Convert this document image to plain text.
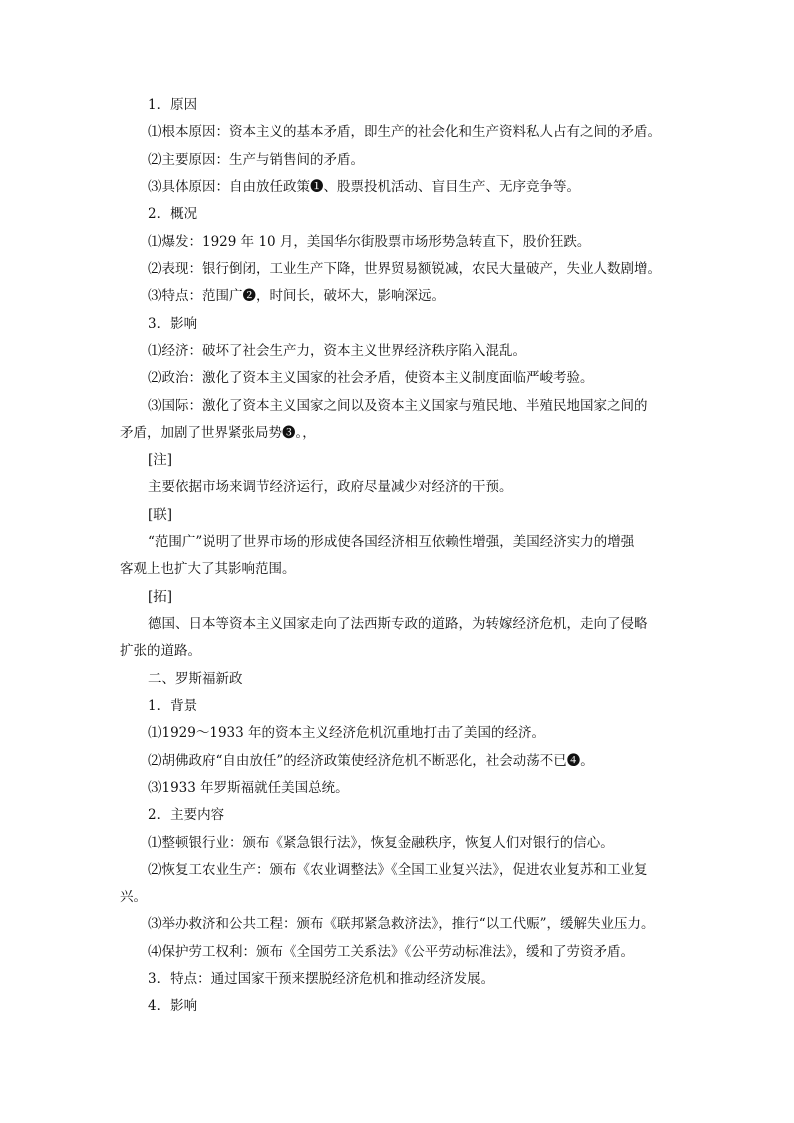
1．原因
⑴根本原因：资本主义的基本矛盾，即生产的社会化和生产资料私人占有之间的矛盾。
⑵主要原因：生产与销售间的矛盾。
⑶具体原因：自由放任政策❶、股票投机活动、盲目生产、无序竞争等。
2．概况
⑴爆发：1929 年 10 月，美国华尔街股票市场形势急转直下，股价狂跌。
⑵表现：银行倒闭，工业生产下降，世界贸易额锐减，农民大量破产，失业人数剧增。
⑶特点：范围广❷，时间长，破坏大，影响深远。
3．影响
⑴经济：破坏了社会生产力，资本主义世界经济秩序陷入混乱。
⑵政治：激化了资本主义国家的社会矛盾，使资本主义制度面临严峻考验。
⑶国际：激化了资本主义国家之间以及资本主义国家与殖民地、半殖民地国家之间的
矛盾，加剧了世界紧张局势❸。，
[注]
主要依据市场来调节经济运行，政府尽量减少对经济的干预。
[联]
“范围广”说明了世界市场的形成使各国经济相互依赖性增强，美国经济实力的增强
客观上也扩大了其影响范围。
[拓]
德国、日本等资本主义国家走向了法西斯专政的道路，为转嫁经济危机，走向了侵略
扩张的道路。
二、罗斯福新政
1．背景
⑴1929～1933 年的资本主义经济危机沉重地打击了美国的经济。
⑵胡佛政府“自由放任”的经济政策使经济危机不断恶化，社会动荡不已❹。
⑶1933 年罗斯福就任美国总统。
2．主要内容
⑴整顿银行业：颁布《紧急银行法》，恢复金融秩序，恢复人们对银行的信心。
⑵恢复工农业生产：颁布《农业调整法》《全国工业复兴法》，促进农业复苏和工业复
兴。
⑶举办救济和公共工程：颁布《联邦紧急救济法》，推行“以工代赈”，缓解失业压力。
⑷保护劳工权利：颁布《全国劳工关系法》《公平劳动标准法》，缓和了劳资矛盾。
3．特点：通过国家干预来摆脱经济危机和推动经济发展。
4．影响
